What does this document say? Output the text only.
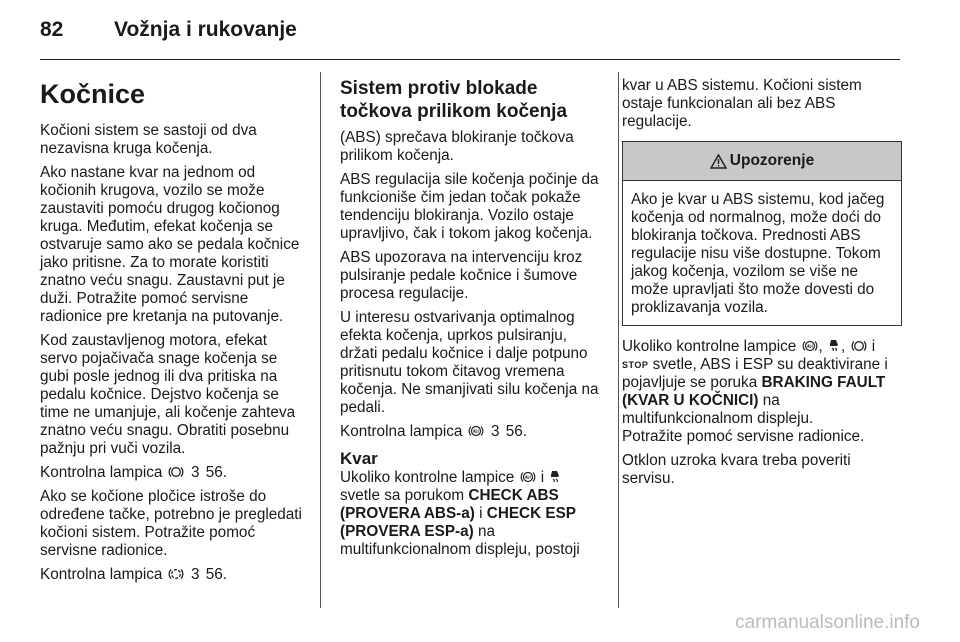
82 Vožnja i rukovanje
Kočnice

Kočioni sistem se sastoji od dva nezavisna kruga kočenja.

Ako nastane kvar na jednom od kočionih krugova, vozilo se može zaustaviti pomoću drugog kočionog kruga. Međutim, efekat kočenja se ostvaruje samo ako se pedala kočnice jako pritisne. Za to morate koristiti znatno veću snagu. Zaustavni put je duži. Potražite pomoć servisne radionice pre kretanja na putovanje.

Kod zaustavljenog motora, efekat servo pojačivača snage kočenja se gubi posle jednog ili dva pritiska na pedalu kočnice. Dejstvo kočenja se time ne umanjuje, ali kočenje zahteva znatno veću snagu. Obratiti posebnu pažnju pri vuči vozila.

Kontrolna lampica 3 56.

Ako se kočione pločice istroše do određene tačke, potrebno je pregledati kočioni sistem. Potražite pomoć servisne radionice.

Kontrolna lampica 3 56.

Sistem protiv blokade točkova prilikom kočenja

(ABS) sprečava blokiranje točkova prilikom kočenja.

ABS regulacija sile kočenja počinje da funkcioniše čim jedan točak pokaže tendenciju blokiranja. Vozilo ostaje upravljivo, čak i tokom jakog kočenja.

ABS upozorava na intervenciju kroz pulsiranje pedale kočnice i šumove procesa regulacije.

U interesu ostvarivanja optimalnog efekta kočenja, uprkos pulsiranju, držati pedalu kočnice i dalje potpuno pritisnutu tokom čitavog vremena kočenja. Ne smanjivati silu kočenja na pedali.

Kontrolna lampica 3 56.

Kvar

Ukoliko kontrolne lampice i
svetle sa porukom CHECK ABS (PROVERA ABS-a) i CHECK ESP (PROVERA ESP-a) na multifunkcionalnom displeju, postoji

kvar u ABS sistemu. Kočioni sistem ostaje funkcionalan ali bez ABS regulacije.

Upozorenje
Ako je kvar u ABS sistemu, kod jačeg kočenja od normalnog, može doći do blokiranja točkova. Prednosti ABS regulacije nisu više dostupne. Tokom jakog kočenja, vozilom se više ne može upravljati što može dovesti do proklizavanja vozila.

Ukoliko kontrolne lampice , , i STOP svetle, ABS i ESP su deaktivirane i pojavljuje se poruka BRAKING FAULT (KVAR U KOČNICI) na multifunkcionalnom displeju.
Potražite pomoć servisne radionice.

Otklon uzroka kvara treba poveriti servisu.

carmanualsonline.info
